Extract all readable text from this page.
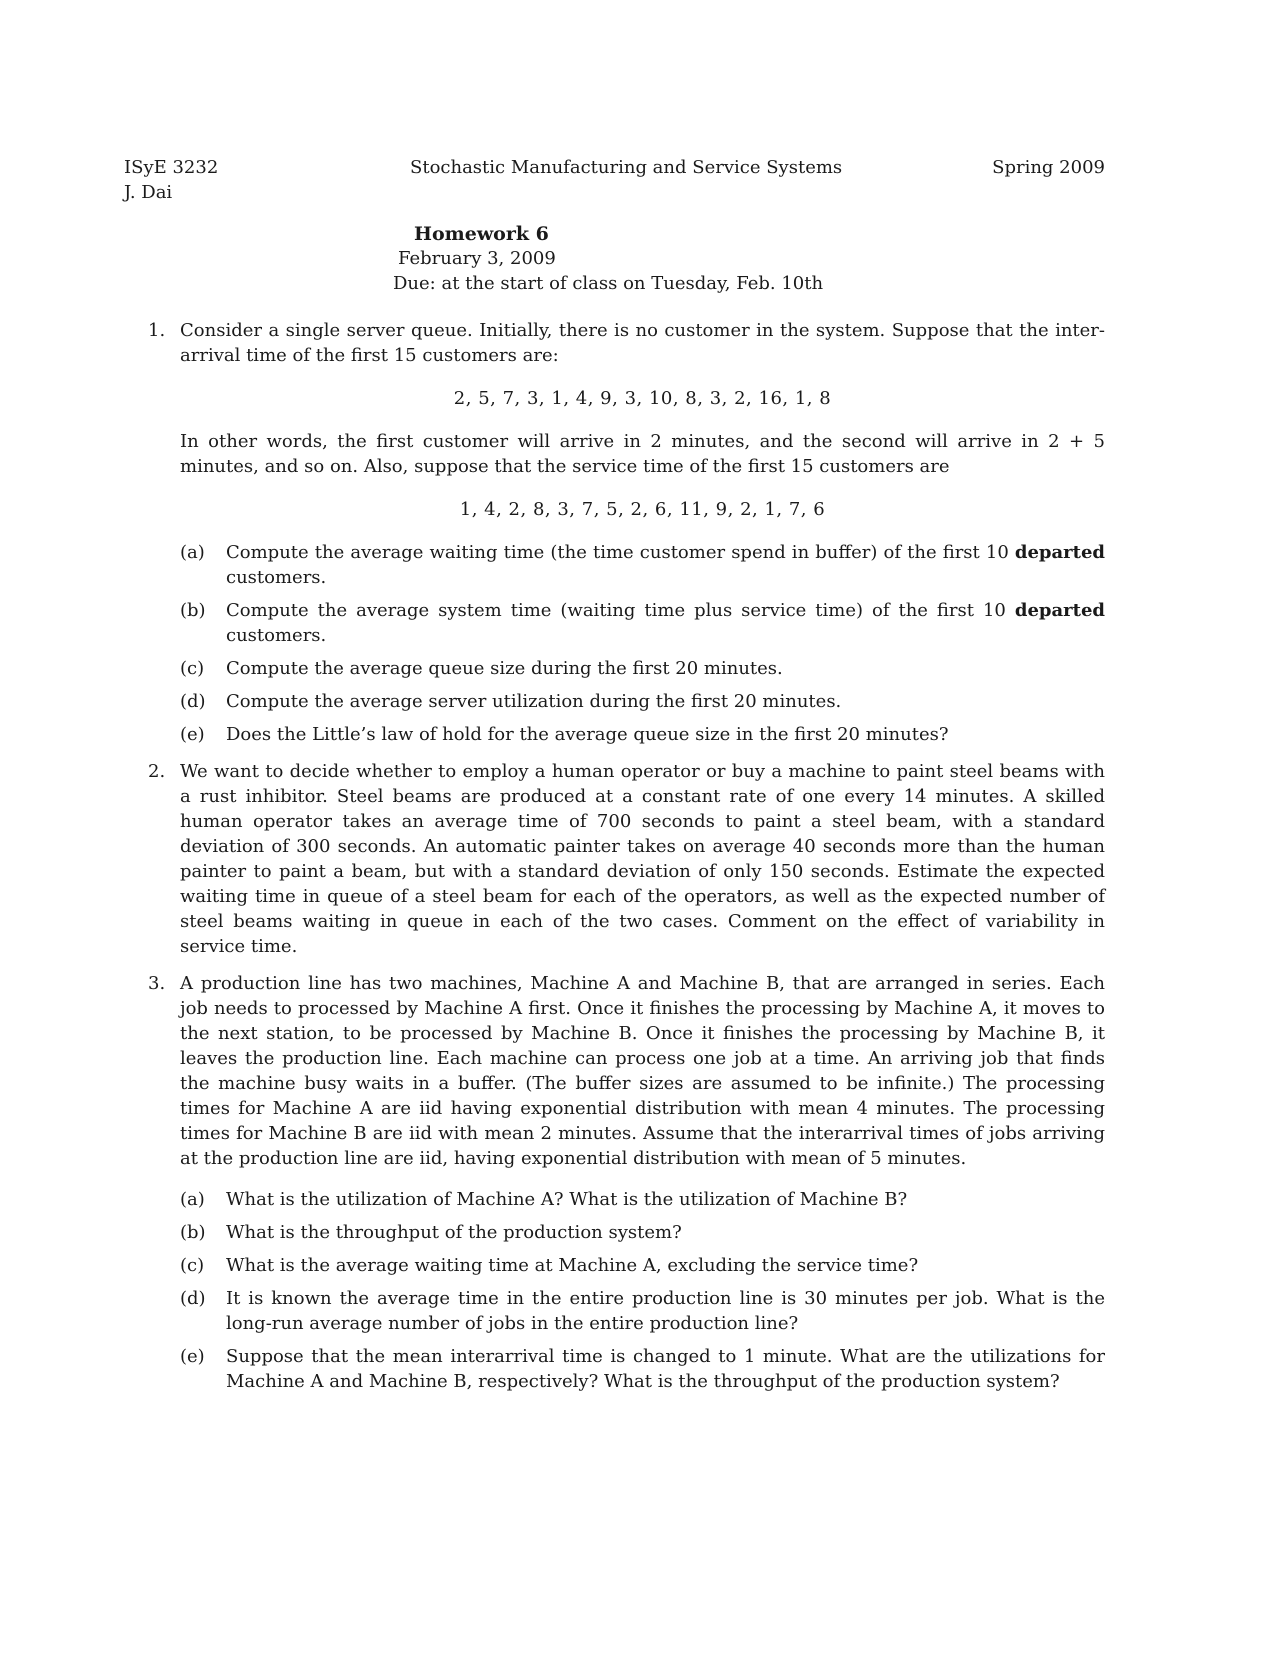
ISyE 3232	Stochastic Manufacturing and Service Systems	Spring 2009
J. Dai
Homework 6
February 3, 2009
Due: at the start of class on Tuesday, Feb. 10th
1. Consider a single server queue. Initially, there is no customer in the system. Suppose that the inter-arrival time of the first 15 customers are:
2, 5, 7, 3, 1, 4, 9, 3, 10, 8, 3, 2, 16, 1, 8
In other words, the first customer will arrive in 2 minutes, and the second will arrive in 2 + 5 minutes, and so on. Also, suppose that the service time of the first 15 customers are
1, 4, 2, 8, 3, 7, 5, 2, 6, 11, 9, 2, 1, 7, 6
(a) Compute the average waiting time (the time customer spend in buffer) of the first 10 departed customers.
(b) Compute the average system time (waiting time plus service time) of the first 10 departed customers.
(c) Compute the average queue size during the first 20 minutes.
(d) Compute the average server utilization during the first 20 minutes.
(e) Does the Little’s law of hold for the average queue size in the first 20 minutes?
2. We want to decide whether to employ a human operator or buy a machine to paint steel beams with a rust inhibitor. Steel beams are produced at a constant rate of one every 14 minutes. A skilled human operator takes an average time of 700 seconds to paint a steel beam, with a standard deviation of 300 seconds. An automatic painter takes on average 40 seconds more than the human painter to paint a beam, but with a standard deviation of only 150 seconds. Estimate the expected waiting time in queue of a steel beam for each of the operators, as well as the expected number of steel beams waiting in queue in each of the two cases. Comment on the effect of variability in service time.
3. A production line has two machines, Machine A and Machine B, that are arranged in series. Each job needs to processed by Machine A first. Once it finishes the processing by Machine A, it moves to the next station, to be processed by Machine B. Once it finishes the processing by Machine B, it leaves the production line. Each machine can process one job at a time. An arriving job that finds the machine busy waits in a buffer. (The buffer sizes are assumed to be infinite.) The processing times for Machine A are iid having exponential distribution with mean 4 minutes. The processing times for Machine B are iid with mean 2 minutes. Assume that the interarrival times of jobs arriving at the production line are iid, having exponential distribution with mean of 5 minutes.
(a) What is the utilization of Machine A? What is the utilization of Machine B?
(b) What is the throughput of the production system?
(c) What is the average waiting time at Machine A, excluding the service time?
(d) It is known the average time in the entire production line is 30 minutes per job. What is the long-run average number of jobs in the entire production line?
(e) Suppose that the mean interarrival time is changed to 1 minute. What are the utilizations for Machine A and Machine B, respectively? What is the throughput of the production system?
